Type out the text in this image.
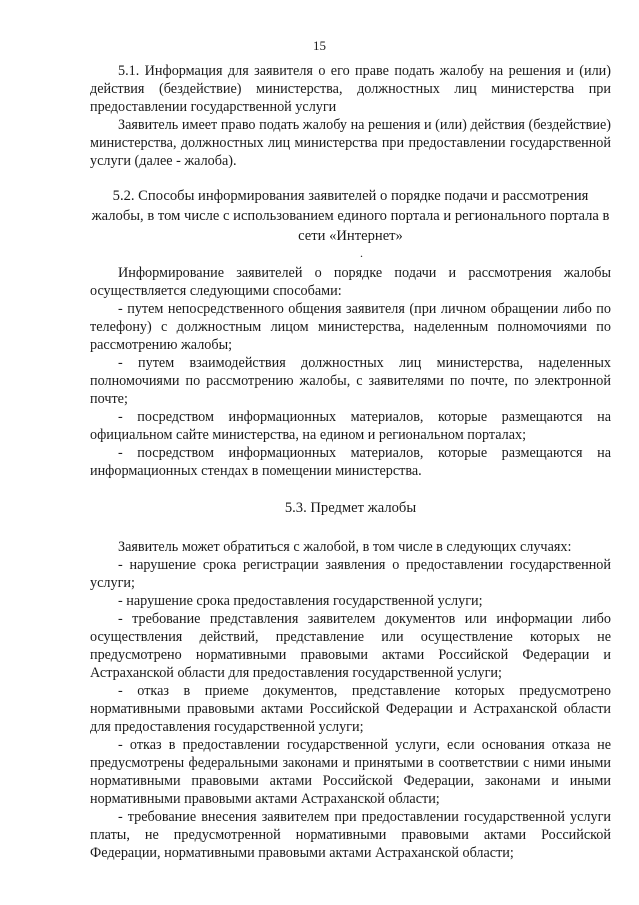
15

5.1. Информация для заявителя о его праве подать жалобу на решения и (или) действия (бездействие) министерства, должностных лиц министерства при предоставлении государственной услуги

Заявитель имеет право подать жалобу на решения и (или) действия (бездействие) министерства, должностных лиц министерства при предоставлении государственной услуги (далее - жалоба).

5.2. Способы информирования заявителей о порядке подачи и рассмотрения жалобы, в том числе с использованием единого портала и регионального портала в сети «Интернет»
.

Информирование заявителей о порядке подачи и рассмотрения жалобы осуществляется следующими способами:

- путем непосредственного общения заявителя (при личном обращении либо по телефону) с должностным лицом министерства, наделенным полномочиями по рассмотрению жалобы;

- путем взаимодействия должностных лиц министерства, наделенных полномочиями по рассмотрению жалобы, с заявителями по почте, по электронной почте;

- посредством информационных материалов, которые размещаются на официальном сайте министерства, на едином и региональном порталах;

- посредством информационных материалов, которые размещаются на информационных стендах в помещении министерства.

5.3. Предмет жалобы

Заявитель может обратиться с жалобой, в том числе в следующих случаях:

- нарушение срока регистрации заявления о предоставлении государственной услуги;

- нарушение срока предоставления государственной услуги;

- требование представления заявителем документов или информации либо осуществления действий, представление или осуществление которых не предусмотрено нормативными правовыми актами Российской Федерации и Астраханской области для предоставления государственной услуги;

- отказ в приеме документов, представление которых предусмотрено нормативными правовыми актами Российской Федерации и Астраханской области для предоставления государственной услуги;

- отказ в предоставлении государственной услуги, если основания отказа не предусмотрены федеральными законами и принятыми в соответствии с ними иными нормативными правовыми актами Российской Федерации, законами и иными нормативными правовыми актами Астраханской области;

- требование внесения заявителем при предоставлении государственной услуги платы, не предусмотренной нормативными правовыми актами Российской Федерации, нормативными правовыми актами Астраханской области;
